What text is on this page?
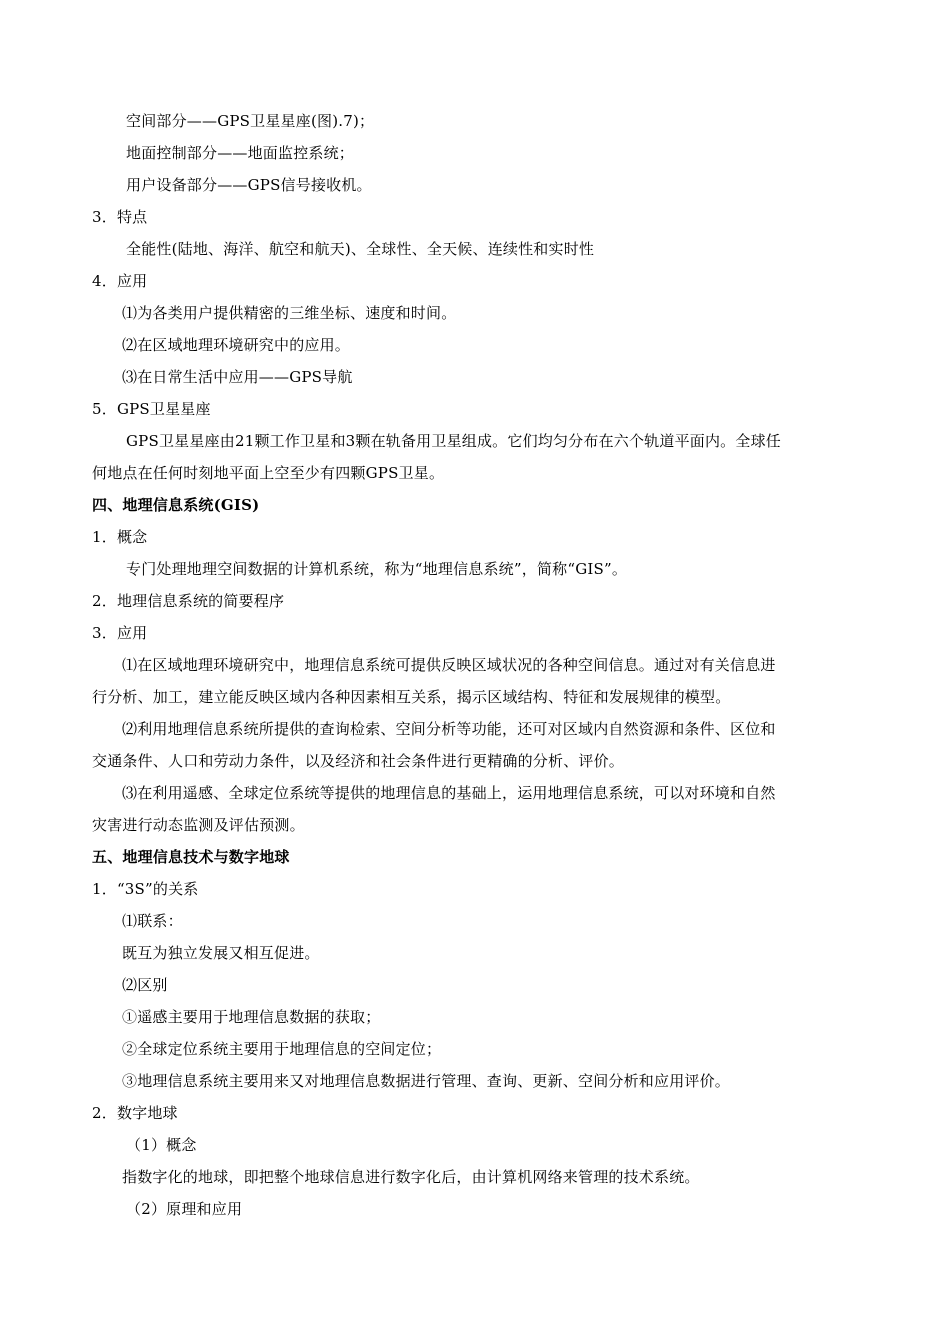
空间部分——GPS卫星星座(图).7)；
地面控制部分——地面监控系统；
用户设备部分——GPS信号接收机。
3．特点
全能性(陆地、海洋、航空和航天)、全球性、全天候、连续性和实时性
4．应用
⑴为各类用户提供精密的三维坐标、速度和时间。
⑵在区域地理环境研究中的应用。
⑶在日常生活中应用——GPS导航
5．GPS卫星星座
GPS卫星星座由21颗工作卫星和3颗在轨备用卫星组成。它们均匀分布在六个轨道平面内。全球任
何地点在任何时刻地平面上空至少有四颗GPS卫星。
四、地理信息系统(GIS)
1．概念
专门处理地理空间数据的计算机系统，称为“地理信息系统”，简称“GIS”。
2．地理信息系统的简要程序
3．应用
⑴在区域地理环境研究中，地理信息系统可提供反映区域状况的各种空间信息。通过对有关信息进
行分析、加工，建立能反映区域内各种因素相互关系，揭示区域结构、特征和发展规律的模型。
⑵利用地理信息系统所提供的查询检索、空间分析等功能，还可对区域内自然资源和条件、区位和
交通条件、人口和劳动力条件，以及经济和社会条件进行更精确的分析、评价。
⑶在利用遥感、全球定位系统等提供的地理信息的基础上，运用地理信息系统，可以对环境和自然
灾害进行动态监测及评估预测。
五、地理信息技术与数字地球
1．“3S”的关系
⑴联系：
既互为独立发展又相互促进。
⑵区别
①遥感主要用于地理信息数据的获取；
②全球定位系统主要用于地理信息的空间定位；
③地理信息系统主要用来又对地理信息数据进行管理、查询、更新、空间分析和应用评价。
2．数字地球
（1）概念
指数字化的地球，即把整个地球信息进行数字化后，由计算机网络来管理的技术系统。
（2）原理和应用
